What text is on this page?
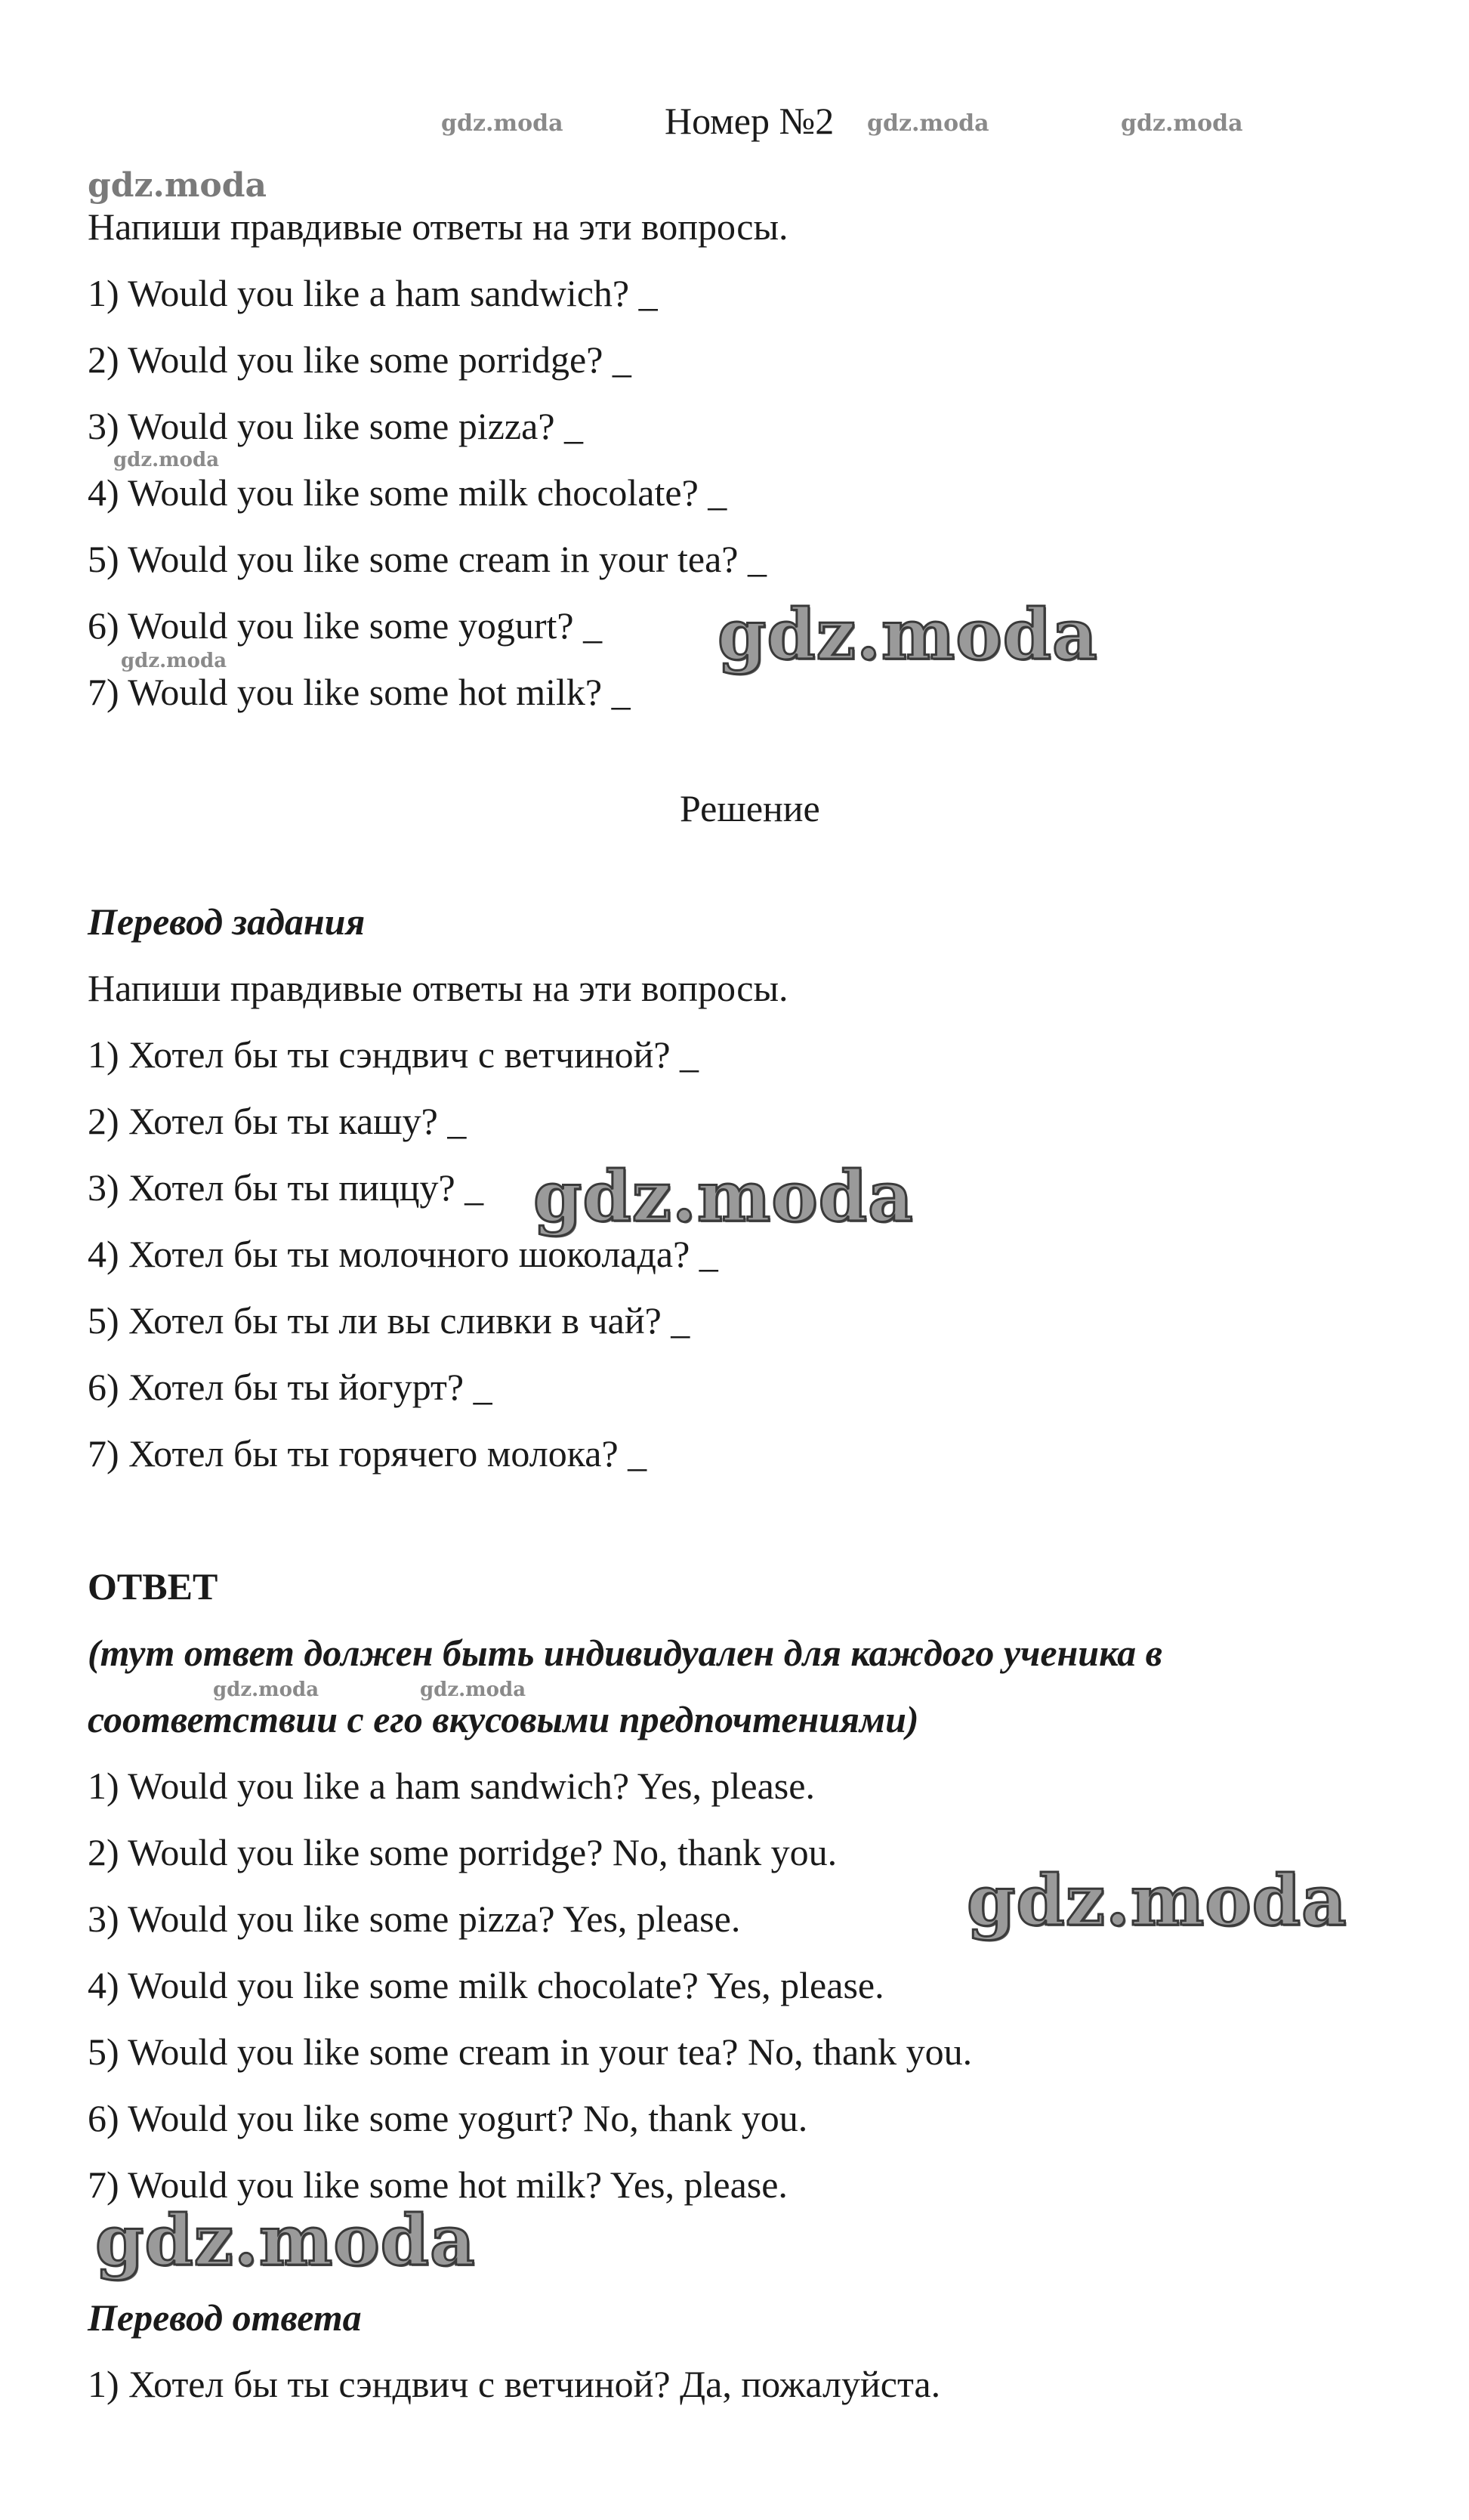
Номер №2
gdz.moda	gdz.moda	gdz.moda
gdz.moda
Напиши правдивые ответы на эти вопросы.
1) Would you like a ham sandwich? _
2) Would you like some porridge? _
3) Would you like some pizza? _
gdz.moda
4) Would you like some milk chocolate? _
5) Would you like some cream in your tea? _
6) Would you like some yogurt? _ gdz.moda
gdz.moda
7) Would you like some hot milk? _
Решение
Перевод задания
Напиши правдивые ответы на эти вопросы.
1) Хотел бы ты сэндвич с ветчиной? _
2) Хотел бы ты кашу? _
3) Хотел бы ты пиццу? _ gdz.moda
4) Хотел бы ты молочного шоколада? _
5) Хотел бы ты ли вы сливки в чай? _
6) Хотел бы ты йогурт? _
7) Хотел бы ты горячего молока? _
ОТВЕТ
(тут ответ должен быть индивидуален для каждого ученика в
gdz.moda	gdz.moda
соответствии с его вкусовыми предпочтениями)
1) Would you like a ham sandwich? Yes, please.
2) Would you like some porridge? No, thank you.
3) Would you like some pizza? Yes, please.	gdz.moda
4) Would you like some milk chocolate? Yes, please.
5) Would you like some cream in your tea? No, thank you.
6) Would you like some yogurt? No, thank you.
7) Would you like some hot milk? Yes, please.
gdz.moda
Перевод ответа
1) Хотел бы ты сэндвич с ветчиной? Да, пожалуйста.
